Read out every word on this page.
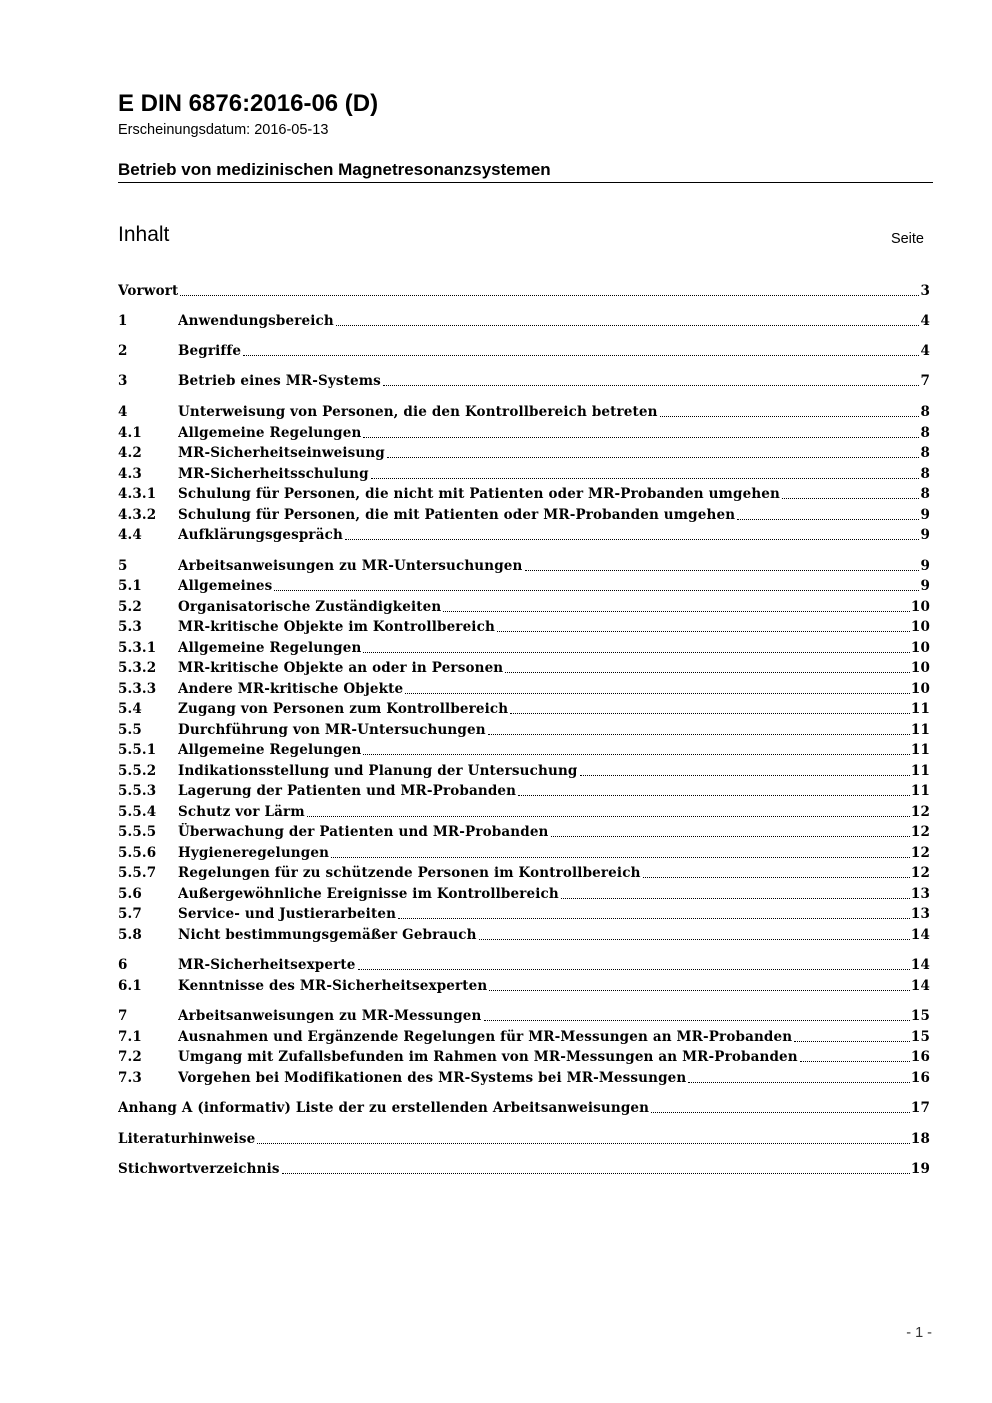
E DIN 6876:2016-06 (D)
Erscheinungsdatum: 2016-05-13
Betrieb von medizinischen Magnetresonanzsystemen
Inhalt	Seite
Vorwort	3
1	Anwendungsbereich	4
2	Begriffe	4
3	Betrieb eines MR-Systems	7
4	Unterweisung von Personen, die den Kontrollbereich betreten	8
4.1	Allgemeine Regelungen	8
4.2	MR-Sicherheitseinweisung	8
4.3	MR-Sicherheitsschulung	8
4.3.1	Schulung für Personen, die nicht mit Patienten oder MR-Probanden umgehen	8
4.3.2	Schulung für Personen, die mit Patienten oder MR-Probanden umgehen	9
4.4	Aufklärungsgespräch	9
5	Arbeitsanweisungen zu MR-Untersuchungen	9
5.1	Allgemeines	9
5.2	Organisatorische Zuständigkeiten	10
5.3	MR-kritische Objekte im Kontrollbereich	10
5.3.1	Allgemeine Regelungen	10
5.3.2	MR-kritische Objekte an oder in Personen	10
5.3.3	Andere MR-kritische Objekte	10
5.4	Zugang von Personen zum Kontrollbereich	11
5.5	Durchführung von MR-Untersuchungen	11
5.5.1	Allgemeine Regelungen	11
5.5.2	Indikationsstellung und Planung der Untersuchung	11
5.5.3	Lagerung der Patienten und MR-Probanden	11
5.5.4	Schutz vor Lärm	12
5.5.5	Überwachung der Patienten und MR-Probanden	12
5.5.6	Hygieneregelungen	12
5.5.7	Regelungen für zu schützende Personen im Kontrollbereich	12
5.6	Außergewöhnliche Ereignisse im Kontrollbereich	13
5.7	Service- und Justierarbeiten	13
5.8	Nicht bestimmungsgemäßer Gebrauch	14
6	MR-Sicherheitsexperte	14
6.1	Kenntnisse des MR-Sicherheitsexperten	14
7	Arbeitsanweisungen zu MR-Messungen	15
7.1	Ausnahmen und Ergänzende Regelungen für MR-Messungen an MR-Probanden	15
7.2	Umgang mit Zufallsbefunden im Rahmen von MR-Messungen an MR-Probanden	16
7.3	Vorgehen bei Modifikationen des MR-Systems bei MR-Messungen	16
Anhang A (informativ) Liste der zu erstellenden Arbeitsanweisungen	17
Literaturhinweise	18
Stichwortverzeichnis	19
- 1 -
